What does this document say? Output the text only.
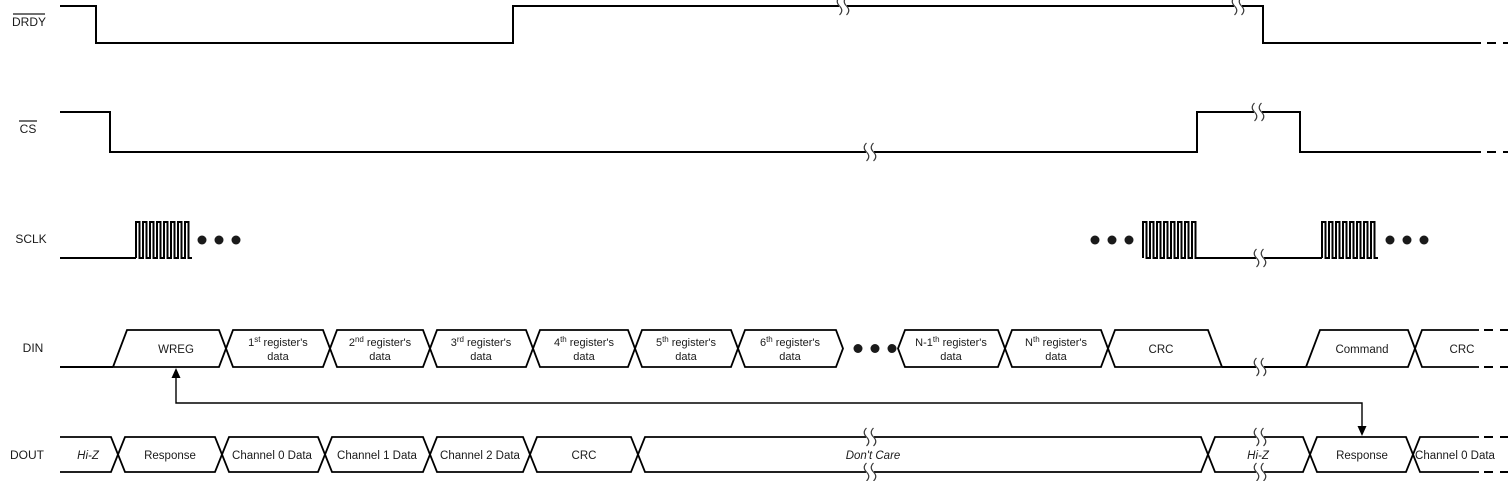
DRDY
CS
SCLK
DIN
DOUT
WREG
1st register's
data
2nd register's
data
3rd register's
data
4th register's
data
5th register's
data
6th register's
data
N-1th register's
data
$N^{th}$ register's
data
CRC	Command	CRC
Hi-Z	Response	Channel 0 Data Channel 1 Data Channel 2 Data	CRC	Don't Care	Hi-Z	Response Channel 0 Data
